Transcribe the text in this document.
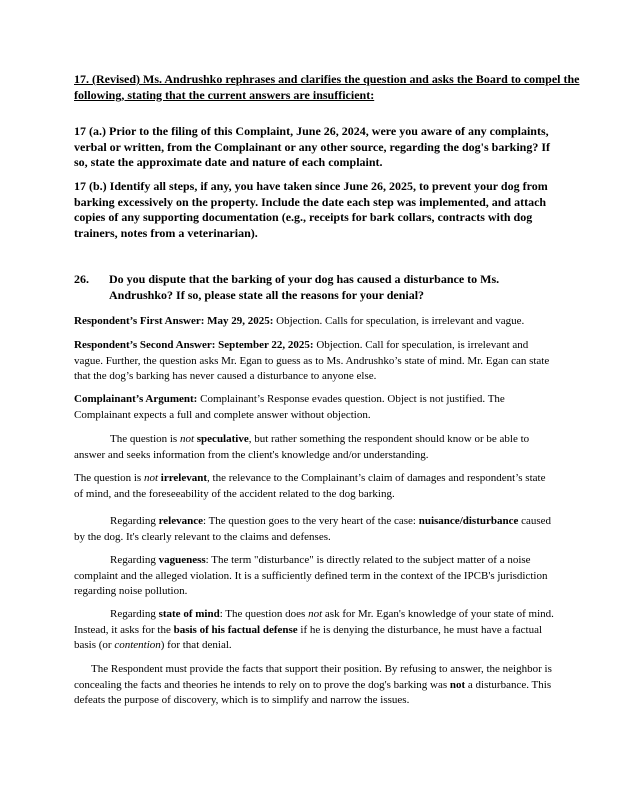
17. (Revised) Ms. Andrushko rephrases and clarifies the question and asks the Board to compel the
following, stating that the current answers are insufficient:
17 (a.) Prior to the filing of this Complaint, June 26, 2024, were you aware of any complaints, verbal or written, from the Complainant or any other source, regarding the dog's barking? If so, state the approximate date and nature of each complaint.
17 (b.) Identify all steps, if any, you have taken since June 26, 2025, to prevent your dog from barking excessively on the property. Include the date each step was implemented, and attach copies of any supporting documentation (e.g., receipts for bark collars, contracts with dog trainers, notes from a veterinarian).
26. Do you dispute that the barking of your dog has caused a disturbance to Ms. Andrushko? If so, please state all the reasons for your denial?
Respondent’s First Answer: May 29, 2025: Objection. Calls for speculation, is irrelevant and vague.
Respondent’s Second Answer: September 22, 2025: Objection. Call for speculation, is irrelevant and vague. Further, the question asks Mr. Egan to guess as to Ms. Andrushko’s state of mind. Mr. Egan can state that the dog’s barking has never caused a disturbance to anyone else.
Complainant’s Argument: Complainant’s Response evades question. Object is not justified. The Complainant expects a full and complete answer without objection.
The question is not speculative, but rather something the respondent should know or be able to answer and seeks information from the client's knowledge and/or understanding.
The question is not irrelevant, the relevance to the Complainant’s claim of damages and respondent’s state of mind, and the foreseeability of the accident related to the dog barking.
Regarding relevance: The question goes to the very heart of the case: nuisance/disturbance caused by the dog. It's clearly relevant to the claims and defenses.
Regarding vagueness: The term "disturbance" is directly related to the subject matter of a noise complaint and the alleged violation. It is a sufficiently defined term in the context of the IPCB's jurisdiction regarding noise pollution.
Regarding state of mind: The question does not ask for Mr. Egan's knowledge of your state of mind. Instead, it asks for the basis of his factual defense if he is denying the disturbance, he must have a factual basis (or contention) for that denial.
The Respondent must provide the facts that support their position. By refusing to answer, the neighbor is concealing the facts and theories he intends to rely on to prove the dog's barking was not a disturbance. This defeats the purpose of discovery, which is to simplify and narrow the issues.
